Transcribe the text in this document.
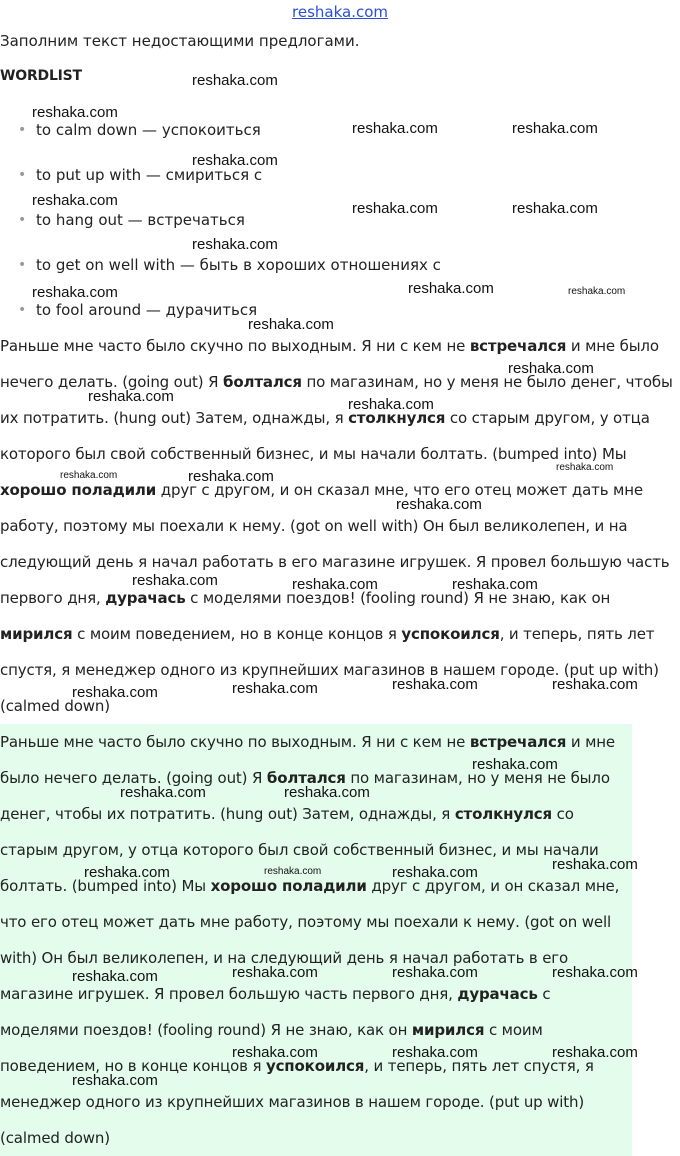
reshaka.com
Заполним текст недостающими предлогами.
WORDLIST
• to calm down — успокоиться
• to put up with — смириться с
• to hang out — встречаться
• to get on well with — быть в хороших отношениях с
• to fool around — дурачиться

Раньше мне часто было скучно по выходным. Я ни с кем не встречался и мне было нечего делать. (going out) Я болтался по магазинам, но у меня не было денег, чтобы их потратить. (hung out) Затем, однажды, я столкнулся со старым другом, у отца которого был свой собственный бизнес, и мы начали болтать. (bumped into) Мы хорошо поладили друг с другом, и он сказал мне, что его отец может дать мне работу, поэтому мы поехали к нему. (got on well with) Он был великолепен, и на следующий день я начал работать в его магазине игрушек. Я провел большую часть первого дня, дурачась с моделями поездов! (fooling round) Я не знаю, как он мирился с моим поведением, но в конце концов я успокоился, и теперь, пять лет спустя, я менеджер одного из крупнейших магазинов в нашем городе. (put up with) (calmed down)

Раньше мне часто было скучно по выходным. Я ни с кем не встречался и мне было нечего делать. (going out) Я болтался по магазинам, но у меня не было денег, чтобы их потратить. (hung out) Затем, однажды, я столкнулся со старым другом, у отца которого был свой собственный бизнес, и мы начали болтать. (bumped into) Мы хорошо поладили друг с другом, и он сказал мне, что его отец может дать мне работу, поэтому мы поехали к нему. (got on well with) Он был великолепен, и на следующий день я начал работать в его магазине игрушек. Я провел большую часть первого дня, дурачась с моделями поездов! (fooling round) Я не знаю, как он мирился с моим поведением, но в конце концов я успокоился, и теперь, пять лет спустя, я менеджер одного из крупнейших магазинов в нашем городе. (put up with) (calmed down)

reshaka.com
reshaka.com
reshaka.com	reshaka.com
reshaka.com
reshaka.com	reshaka.com	reshaka.com
reshaka.com
reshaka.com	reshaka.com	reshaka.com
reshaka.com
reshaka.com
reshaka.com	reshaka.com
reshaka.com
reshaka.com	reshaka.com
reshaka.com
reshaka.com	reshaka.com	reshaka.com
reshaka.com	reshaka.com
reshaka.com
reshaka.com
reshaka.com
reshaka.com	reshaka.com
reshaka.com
reshaka.com	reshaka.com	reshaka.com
reshaka.com	reshaka.com	reshaka.com
reshaka.com
reshaka.com	reshaka.com	reshaka.com
reshaka.com
